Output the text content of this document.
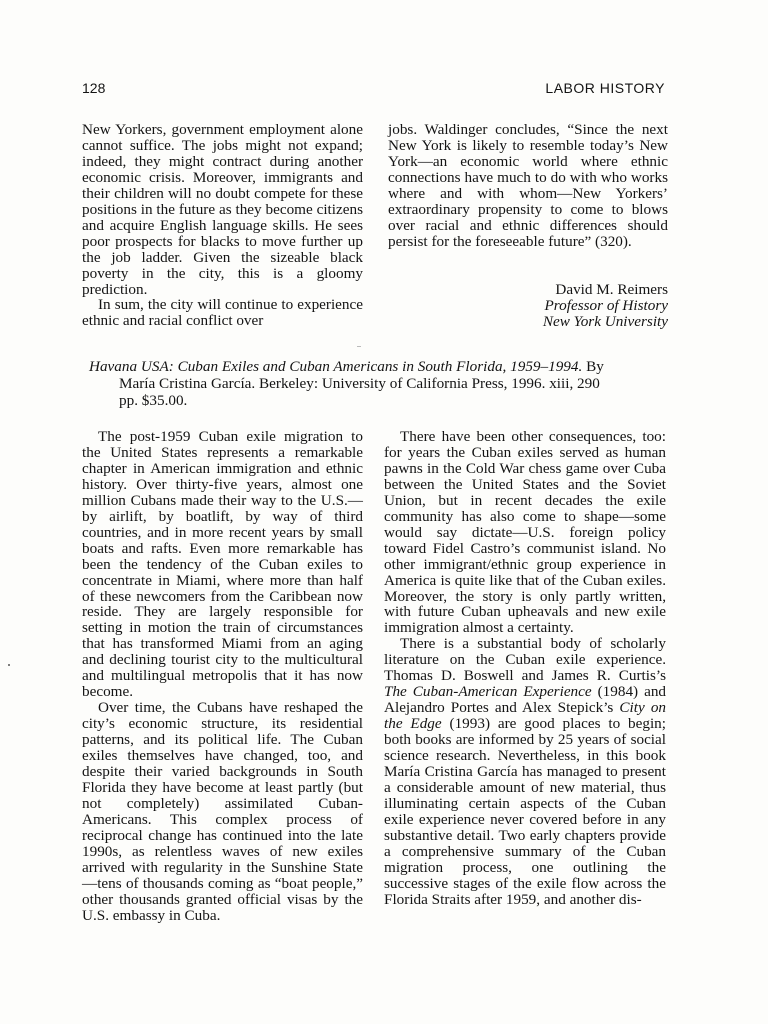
128	LABOR HISTORY

New Yorkers, government employment alone cannot suffice. The jobs might not expand; indeed, they might contract during another economic crisis. Moreover, immigrants and their children will no doubt compete for these positions in the future as they become citizens and acquire English language skills. He sees poor prospects for blacks to move further up the job ladder. Given the sizeable black poverty in the city, this is a gloomy prediction.

In sum, the city will continue to experience ethnic and racial conflict over

jobs. Waldinger concludes, “Since the next New York is likely to resemble today’s New York—an economic world where ethnic connections have much to do with who works where and with whom—New Yorkers’ extraordinary propensity to come to blows over racial and ethnic differences should persist for the foreseeable future” (320).

David M. Reimers
Professor of History
New York University
Havana USA: Cuban Exiles and Cuban Americans in South Florida, 1959–1994. By
María Cristina García. Berkeley: University of California Press, 1996. xiii, 290
pp. $35.00.

The post-1959 Cuban exile migration to the United States represents a remarkable chapter in American immigration and ethnic history. Over thirty-five years, almost one million Cubans made their way to the U.S.—by airlift, by boatlift, by way of third countries, and in more recent years by small boats and rafts. Even more remarkable has been the tendency of the Cuban exiles to concentrate in Miami, where more than half of these newcomers from the Caribbean now reside. They are largely responsible for setting in motion the train of circumstances that has transformed Miami from an aging and declining tourist city to the multicultural and multilingual metropolis that it has now become.

Over time, the Cubans have reshaped the city’s economic structure, its residential patterns, and its political life. The Cuban exiles themselves have changed, too, and despite their varied backgrounds in South Florida they have become at least partly (but not completely) assimilated Cuban-Americans. This complex process of reciprocal change has continued into the late 1990s, as relentless waves of new exiles arrived with regularity in the Sunshine State—tens of thousands coming as “boat people,” other thousands granted official visas by the U.S. embassy in Cuba.

There have been other consequences, too: for years the Cuban exiles served as human pawns in the Cold War chess game over Cuba between the United States and the Soviet Union, but in recent decades the exile community has also come to shape—some would say dictate—U.S. foreign policy toward Fidel Castro’s communist island. No other immigrant/ethnic group experience in America is quite like that of the Cuban exiles. Moreover, the story is only partly written, with future Cuban upheavals and new exile immigration almost a certainty.

There is a substantial body of scholarly literature on the Cuban exile experience. Thomas D. Boswell and James R. Curtis’s The Cuban-American Experience (1984) and Alejandro Portes and Alex Stepick’s City on the Edge (1993) are good places to begin; both books are informed by 25 years of social science research. Nevertheless, in this book María Cristina García has managed to present a considerable amount of new material, thus illuminating certain aspects of the Cuban exile experience never covered before in any substantive detail. Two early chapters provide a comprehensive summary of the Cuban migration process, one outlining the successive stages of the exile flow across the Florida Straits after 1959, and another dis-
